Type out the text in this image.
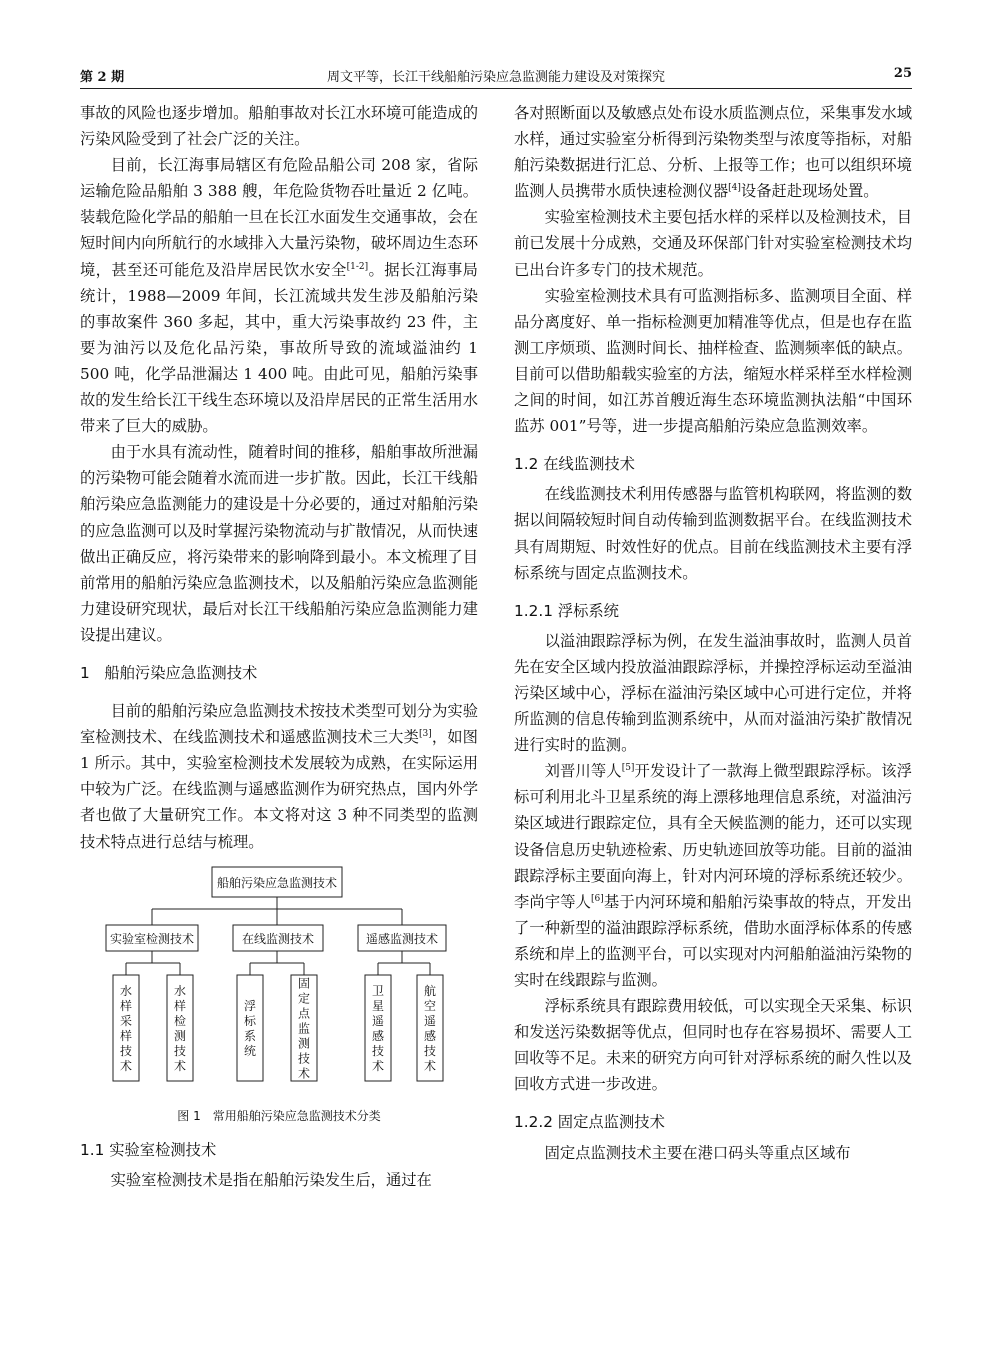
第 2 期	周文平等，长江干线船舶污染应急监测能力建设及对策探究	25

事故的风险也逐步增加。船舶事故对长江水环境可能造成的污染风险受到了社会广泛的关注。

目前，长江海事局辖区有危险品船公司 208 家，省际运输危险品船舶 3 388 艘，年危险货物吞吐量近 2 亿吨。装载危险化学品的船舶一旦在长江水面发生交通事故，会在短时间内向所航行的水域排入大量污染物，破坏周边生态环境，甚至还可能危及沿岸居民饮水安全[1-2]。据长江海事局统计，1988—2009 年间，长江流域共发生涉及船舶污染的事故案件 360 多起，其中，重大污染事故约 23 件，主要为油污以及危化品污染，事故所导致的流域溢油约 1 500 吨，化学品泄漏达 1 400 吨。由此可见，船舶污染事故的发生给长江干线生态环境以及沿岸居民的正常生活用水带来了巨大的威胁。

由于水具有流动性，随着时间的推移，船舶事故所泄漏的污染物可能会随着水流而进一步扩散。因此，长江干线船舶污染应急监测能力的建设是十分必要的，通过对船舶污染的应急监测可以及时掌握污染物流动与扩散情况，从而快速做出正确反应，将污染带来的影响降到最小。本文梳理了目前常用的船舶污染应急监测技术，以及船舶污染应急监测能力建设研究现状，最后对长江干线船舶污染应急监测能力建设提出建议。

1 船舶污染应急监测技术

目前的船舶污染应急监测技术按技术类型可划分为实验室检测技术、在线监测技术和遥感监测技术三大类[3]，如图 1 所示。其中，实验室检测技术发展较为成熟，在实际运用中较为广泛。在线监测与遥感监测作为研究热点，国内外学者也做了大量研究工作。本文将对这 3 种不同类型的监测技术特点进行总结与梳理。

船舶污染应急监测技术
实验室检测技术	在线监测技术	遥感监测技术
水样采样技术
水样检测技术
浮标系统
固定点监测技术
卫星遥感技术
航空遥感技术
图 1 常用船舶污染应急监测技术分类
1.1 实验室检测技术

实验室检测技术是指在船舶污染发生后，通过在

各对照断面以及敏感点处布设水质监测点位，采集事发水域水样，通过实验室分析得到污染物类型与浓度等指标，对船舶污染数据进行汇总、分析、上报等工作；也可以组织环境监测人员携带水质快速检测仪器[4]设备赶赴现场处置。

实验室检测技术主要包括水样的采样以及检测技术，目前已发展十分成熟，交通及环保部门针对实验室检测技术均已出台许多专门的技术规范。

实验室检测技术具有可监测指标多、监测项目全面、样品分离度好、单一指标检测更加精准等优点，但是也存在监测工序烦琐、监测时间长、抽样检查、监测频率低的缺点。目前可以借助船载实验室的方法，缩短水样采样至水样检测之间的时间，如江苏首艘近海生态环境监测执法船“中国环监苏 001”号等，进一步提高船舶污染应急监测效率。

1.2 在线监测技术

在线监测技术利用传感器与监管机构联网，将监测的数据以间隔较短时间自动传输到监测数据平台。在线监测技术具有周期短、时效性好的优点。目前在线监测技术主要有浮标系统与固定点监测技术。

1.2.1 浮标系统

以溢油跟踪浮标为例，在发生溢油事故时，监测人员首先在安全区域内投放溢油跟踪浮标，并操控浮标运动至溢油污染区域中心，浮标在溢油污染区域中心可进行定位，并将所监测的信息传输到监测系统中，从而对溢油污染扩散情况进行实时的监测。

刘晋川等人[5]开发设计了一款海上微型跟踪浮标。该浮标可利用北斗卫星系统的海上漂移地理信息系统，对溢油污染区域进行跟踪定位，具有全天候监测的能力，还可以实现设备信息历史轨迹检索、历史轨迹回放等功能。目前的溢油跟踪浮标主要面向海上，针对内河环境的浮标系统还较少。李尚宇等人[6]基于内河环境和船舶污染事故的特点，开发出了一种新型的溢油跟踪浮标系统，借助水面浮标体系的传感系统和岸上的监测平台，可以实现对内河船舶溢油污染物的实时在线跟踪与监测。

浮标系统具有跟踪费用较低，可以实现全天采集、标识和发送污染数据等优点，但同时也存在容易损坏、需要人工回收等不足。未来的研究方向可针对浮标系统的耐久性以及回收方式进一步改进。

1.2.2 固定点监测技术

固定点监测技术主要在港口码头等重点区域布
